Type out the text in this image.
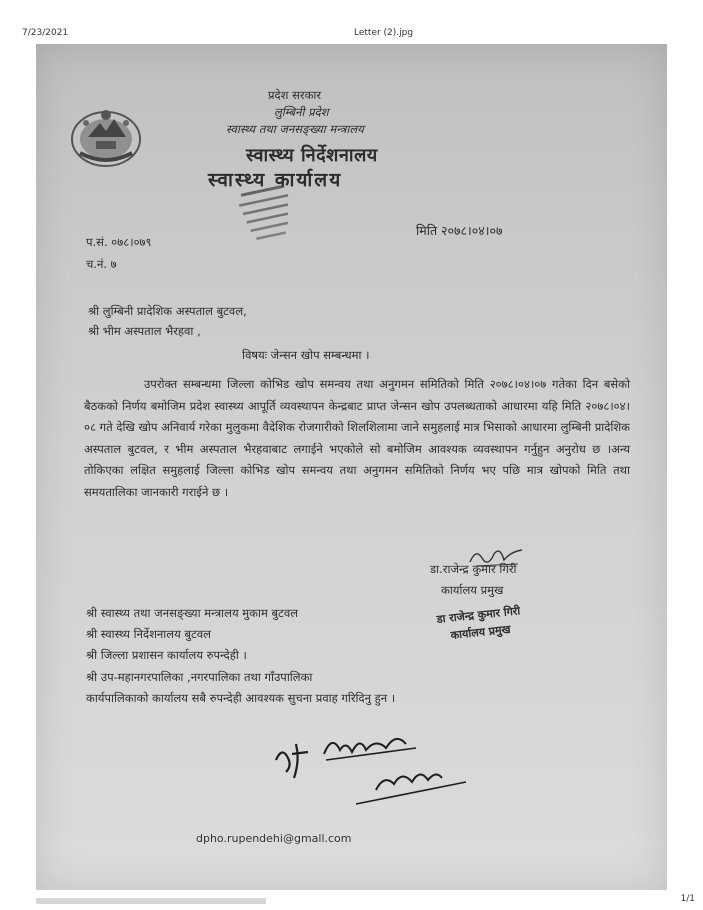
7/23/2021	Letter (2).jpg
प्रदेश सरकार
लुम्बिनी प्रदेश
स्वास्थ्य तथा जनसङ्ख्या मन्त्रालय
स्वास्थ्य निर्देशनालय
स्वास्थ्य कार्यालय
मिति २०७८।०४।०७
प.सं. ०७८।०७९
च.नं. ७
श्री लुम्बिनी प्रादेशिक अस्पताल बुटवल,
श्री भीम अस्पताल भैरहवा ,
विषयः जेन्सन खोप सम्बन्धमा ।
उपरोक्त सम्बन्धमा जिल्ला कोभिड खोप समन्वय तथा अनुगमन समितिको मिति २०७८।०४।०७ गतेका दिन बसेको बैठकको निर्णय बमोजिम प्रदेश स्वास्थ्य आपूर्ति व्यवस्थापन केन्द्रबाट प्राप्त जेन्सन खोप उपलब्धताको आधारमा यहि मिति २०७८।०४।०८ गते देखि खोप अनिवार्य गरेका मुलुकमा वैदेशिक रोजगारीको शिलशिलामा जाने समुहलाई मात्र भिसाको आधारमा लुम्बिनी प्रादेशिक अस्पताल बुटवल, र भीम अस्पताल भैरहवाबाट लगाईने भएकोले सो बमोजिम आवश्यक व्यवस्थापन गर्नुहुन अनुरोध छ ।अन्य तोकिएका लक्षित समुहलाई जिल्ला कोभिड खोप समन्वय तथा अनुगमन समितिको निर्णय भए पछि मात्र खोपको मिति तथा समयतालिका जानकारी गराईने छ ।
डा.राजेन्द्र कुमार गिरी
कार्यालय प्रमुख
डा राजेन्द्र कुमार गिरी
कार्यालय प्रमुख
श्री स्वास्थ्य तथा जनसङ्ख्या मन्त्रालय मुकाम बुटवल
श्री स्वास्थ्य निर्देशनालय बुटवल
श्री जिल्ला प्रशासन कार्यालय रुपन्देही ।
श्री उप-महानगरपालिका ,नगरपालिका तथा गाँउपालिका
कार्यपालिकाको कार्यालय सबै रुपन्देही आवश्यक सुचना प्रवाह गरिदिनु हुन ।
dpho.rupendehi@gmall.com
1/1
